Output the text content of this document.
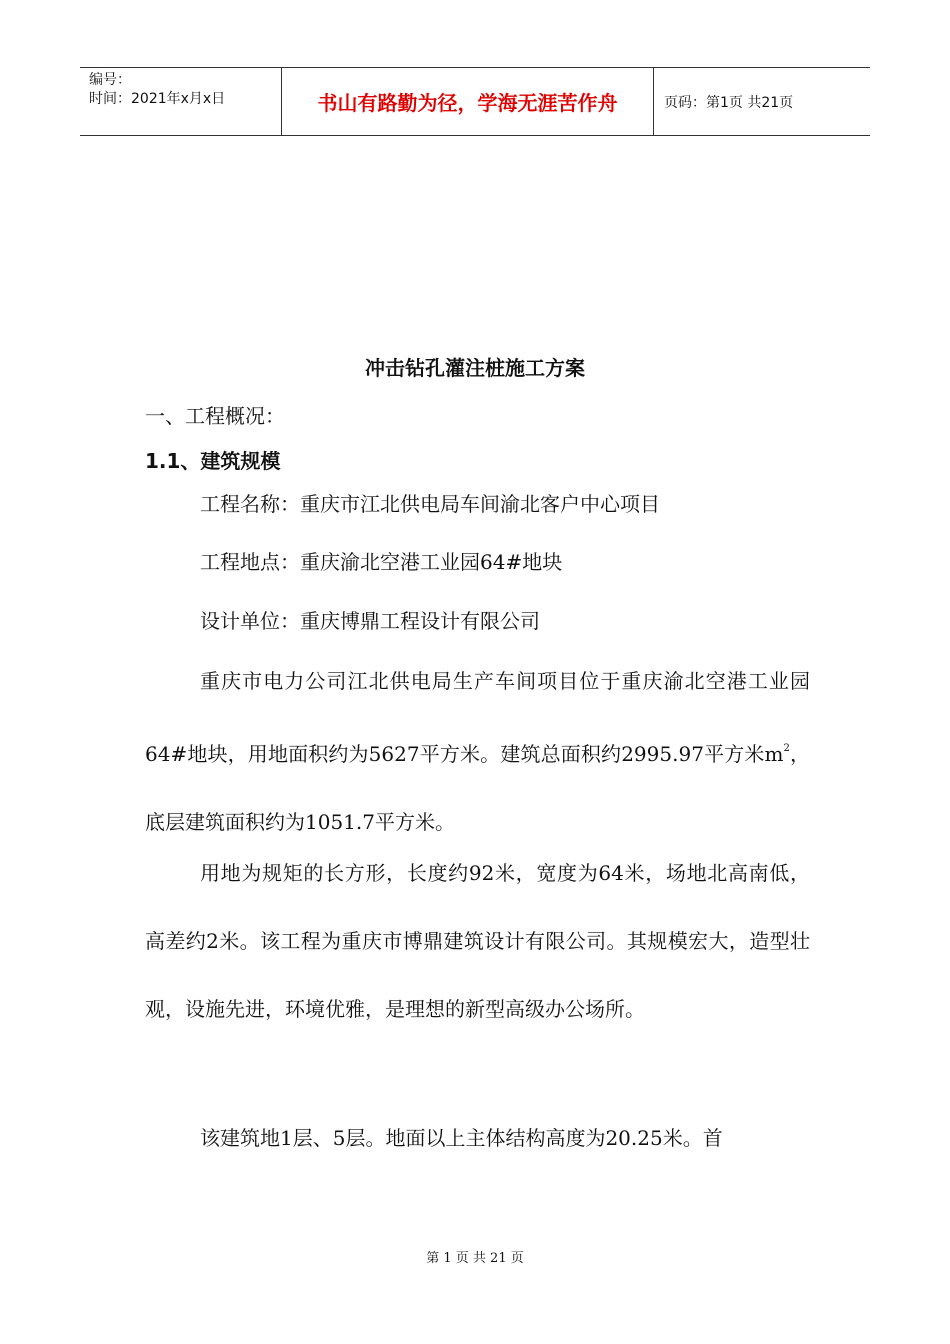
编号：
时间：2021年x月x日	书山有路勤为径，学海无涯苦作舟	页码：第1页 共21页
冲击钻孔灌注桩施工方案
一、工程概况：
1.1、建筑规模
工程名称：重庆市江北供电局车间渝北客户中心项目
工程地点：重庆渝北空港工业园64#地块
设计单位：重庆博鼎工程设计有限公司
重庆市电力公司江北供电局生产车间项目位于重庆渝北空港工业园64#地块，用地面积约为5627平方米。建筑总面积约2995.97平方米$m^2$，底层建筑面积约为1051.7平方米。
用地为规矩的长方形，长度约92米，宽度为64米，场地北高南低，高差约2米。该工程为重庆市博鼎建筑设计有限公司。其规模宏大，造型壮观，设施先进，环境优雅，是理想的新型高级办公场所。
该建筑地1层、5层。地面以上主体结构高度为20.25米。首
第 1 页 共 21 页
